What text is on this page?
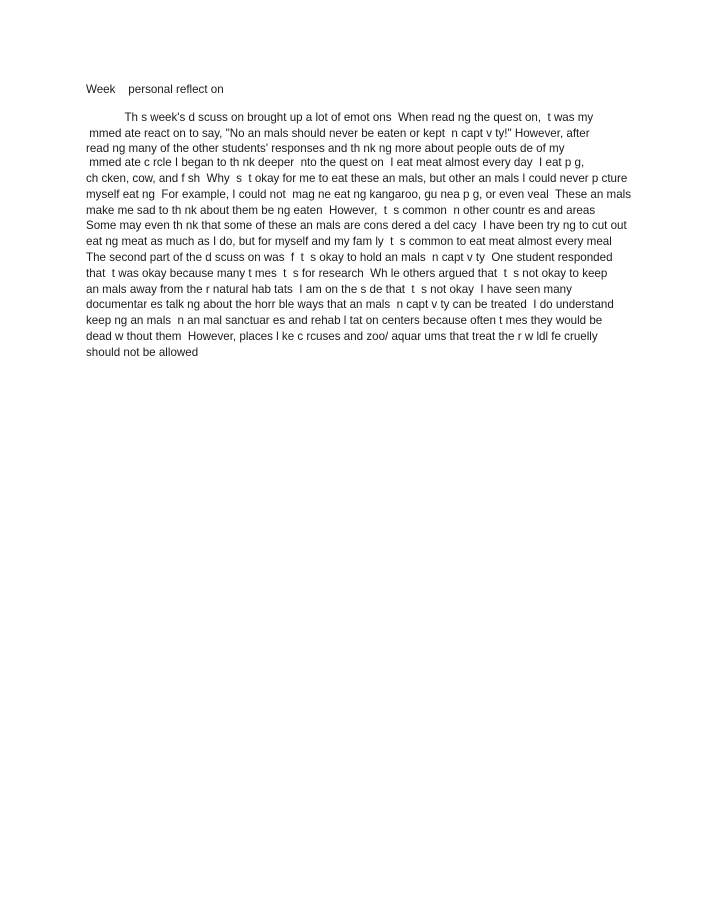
Week    personal reflect on
Th s week's d scuss on brought up a lot of emot ons  When read ng the quest on,  t was my
mmed ate react on to say, "No an mals should never be eaten or kept  n capt v ty!" However, after
read ng many of the other students' responses and th nk ng more about people outs de of my
mmed ate c rcle I began to th nk deeper  nto the quest on  I eat meat almost every day  I eat p g,
ch cken, cow, and f sh  Why  s  t okay for me to eat these an mals, but other an mals I could never p cture
myself eat ng  For example, I could not  mag ne eat ng kangaroo, gu nea p g, or even veal  These an mals
make me sad to th nk about them be ng eaten  However,  t  s common  n other countr es and areas
Some may even th nk that some of these an mals are cons dered a del cacy  I have been try ng to cut out
eat ng meat as much as I do, but for myself and my fam ly  t  s common to eat meat almost every meal
The second part of the d scuss on was  f  t  s okay to hold an mals  n capt v ty  One student responded
that  t was okay because many t mes  t  s for research  Wh le others argued that  t  s not okay to keep
an mals away from the r natural hab tats  I am on the s de that  t  s not okay  I have seen many
documentar es talk ng about the horr ble ways that an mals  n capt v ty can be treated  I do understand
keep ng an mals  n an mal sanctuar es and rehab l tat on centers because often t mes they would be
dead w thout them  However, places l ke c rcuses and zoo/ aquar ums that treat the r w ldl fe cruelly
should not be allowed
